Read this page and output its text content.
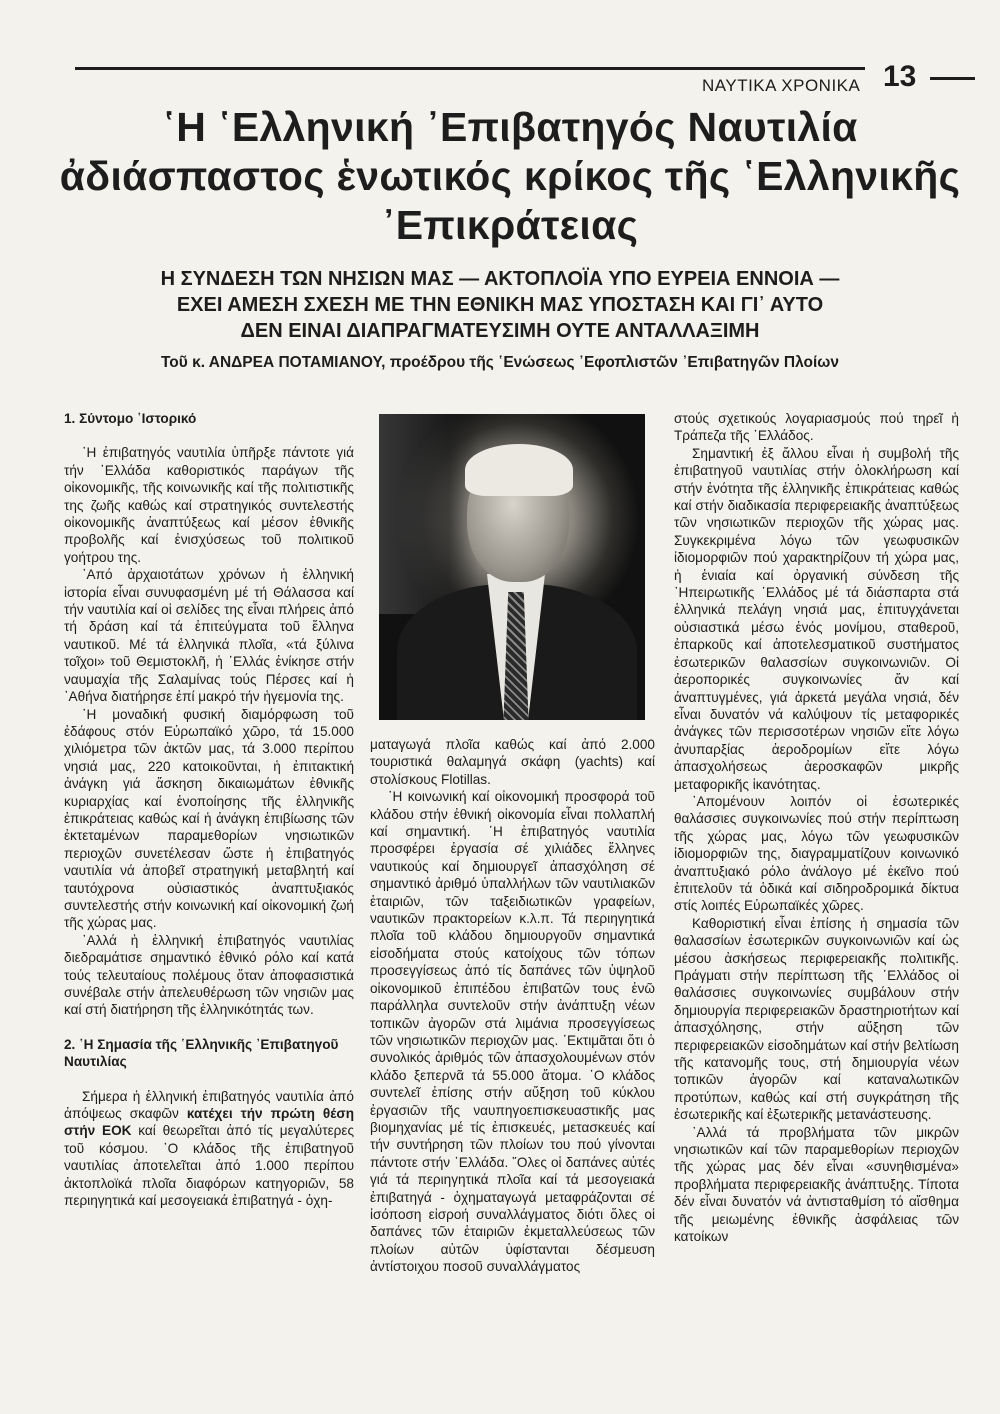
ΝΑΥΤΙΚΑ ΧΡΟΝΙΚΑ 13
῾Η ῾Ελληνική ᾿Επιβατηγός Ναυτιλία
ἀδιάσπαστος ἑνωτικός κρίκος τῆς ῾Ελληνικῆς
᾿Επικράτειας
Η ΣΥΝΔΕΣΗ ΤΩΝ ΝΗΣΙΩΝ ΜΑΣ — ΑΚΤΟΠΛΟΪΑ ΥΠΟ ΕΥΡΕΙΑ ΕΝΝΟΙΑ —
ΕΧΕΙ ΑΜΕΣΗ ΣΧΕΣΗ ΜΕ ΤΗΝ ΕΘΝΙΚΗ ΜΑΣ ΥΠΟΣΤΑΣΗ ΚΑΙ ΓΙ᾿ ΑΥΤΟ
ΔΕΝ ΕΙΝΑΙ ΔΙΑΠΡΑΓΜΑΤΕΥΣΙΜΗ ΟΥΤΕ ΑΝΤΑΛΛΑΞΙΜΗ
Τοῦ κ. ΑΝΔΡΕΑ ΠΟΤΑΜΙΑΝΟΥ, προέδρου τῆς ῾Ενώσεως ᾿Εφοπλιστῶν ᾿Επιβατηγῶν Πλοίων
1. Σύντομο ῾Ιστορικό

῾Η ἐπιβατηγός ναυτιλία ὑπῆρξε πάντοτε γιά τήν ῾Ελλάδα καθοριστικός παράγων τῆς οἰκονομικῆς, τῆς κοινωνικῆς καί τῆς πολιτιστικῆς της ζωῆς καθώς καί στρατηγικός συντελεστής οἰκονομικῆς ἀναπτύξεως καί μέσον ἐθνικῆς προβολῆς καί ἐνισχύσεως τοῦ πολιτικοῦ γοήτρου της.

᾿Από ἀρχαιοτάτων χρόνων ἡ ἑλληνική ἱστορία εἶναι συνυφασμένη μέ τή Θάλασσα καί τήν ναυτιλία καί οἱ σελίδες της εἶναι πλήρεις ἀπό τή δράση καί τά ἐπιτεύγματα τοῦ ἕλληνα ναυτικοῦ. Μέ τά ἑλληνικά πλοῖα, «τά ξύλινα τοῖχοι» τοῦ Θεμιστοκλῆ, ἡ ῾Ελλάς ἐνίκησε στήν ναυμαχία τῆς Σαλαμίνας τούς Πέρσες καί ἡ ᾿Αθήνα διατήρησε ἐπί μακρό τήν ἡγεμονία της.

῾Η μοναδική φυσική διαμόρφωση τοῦ ἐδάφους στόν Εὐρωπαϊκό χῶρο, τά 15.000 χιλιόμετρα τῶν ἀκτῶν μας, τά 3.000 περίπου νησιά μας, 220 κατοικοῦνται, ἡ ἐπιτακτική ἀνάγκη γιά ἄσκηση δικαιωμάτων ἐθνικῆς κυριαρχίας καί ἑνοποίησης τῆς ἑλληνικῆς ἐπικράτειας καθώς καί ἡ ἀνάγκη ἐπιβίωσης τῶν ἐκτεταμένων παραμεθορίων νησιωτικῶν περιοχῶν συνετέλεσαν ὥστε ἡ ἐπιβατηγός ναυτιλία νά ἀποβεῖ στρατηγική μεταβλητή καί ταυτόχρονα οὐσιαστικός ἀναπτυξιακός συντελεστής στήν κοινωνική καί οἰκονομική ζωή τῆς χώρας μας.

᾿Αλλά ἡ ἑλληνική ἐπιβατηγός ναυτιλίας διεδραμάτισε σημαντικό ἐθνικό ρόλο καί κατά τούς τελευταίους πολέμους ὅταν ἀποφασιστικά συνέβαλε στήν ἀπελευθέρωση τῶν νησιῶν μας καί στή διατήρηση τῆς ἑλληνικότητάς των.

2. ῾Η Σημασία τῆς ῾Ελληνικῆς ᾿Επιβατηγοῦ Ναυτιλίας

Σήμερα ἡ ἑλληνική ἐπιβατηγός ναυτιλία ἀπό ἀπόψεως σκαφῶν κατέχει τήν πρώτη θέση στήν ΕΟΚ καί θεωρεῖται ἀπό τίς μεγαλύτερες τοῦ κόσμου. ᾿Ο κλάδος τῆς ἐπιβατηγοῦ ναυτιλίας ἀποτελεῖται ἀπό 1.000 περίπου ἀκτοπλοϊκά πλοῖα διαφόρων κατηγοριῶν, 58 περιηγητικά καί μεσογειακά ἐπιβατηγά - ὀχη-

ματαγωγά πλοῖα καθώς καί ἀπό 2.000 τουριστικά θαλαμηγά σκάφη (yachts) καί στολίσκους Flotillas.

῾Η κοινωνική καί οἰκονομική προσφορά τοῦ κλάδου στήν ἐθνική οἰκονομία εἶναι πολλαπλή καί σημαντική. ῾Η ἐπιβατηγός ναυτιλία προσφέρει ἐργασία σέ χιλιάδες ἕλληνες ναυτικούς καί δημιουργεῖ ἀπασχόληση σέ σημαντικό ἀριθμό ὑπαλλήλων τῶν ναυτιλιακῶν ἑταιριῶν, τῶν ταξειδιωτικῶν γραφείων, ναυτικῶν πρακτορείων κ.λ.π. Τά περιηγητικά πλοῖα τοῦ κλάδου δημιουργοῦν σημαντικά εἰσοδήματα στούς κατοίχους τῶν τόπων προσεγγίσεως ἀπό τίς δαπάνες τῶν ὑψηλοῦ οἰκονομικοῦ ἐπιπέδου ἐπιβατῶν τους ἐνῶ παράλληλα συντελοῦν στήν ἀνάπτυξη νέων τοπικῶν ἀγορῶν στά λιμάνια προσεγγίσεως τῶν νησιωτικῶν περιοχῶν μας. ᾿Εκτιμᾶται ὅτι ὁ συνολικός ἀριθμός τῶν ἀπασχολουμένων στόν κλάδο ξεπερνᾶ τά 55.000 ἄτομα. ᾿Ο κλάδος συντελεῖ ἐπίσης στήν αὔξηση τοῦ κύκλου ἐργασιῶν τῆς ναυπηγοεπισκευαστικῆς μας βιομηχανίας μέ τίς ἐπισκευές, μετασκευές καί τήν συντήρηση τῶν πλοίων του πού γίνονται πάντοτε στήν ῾Ελλάδα. ῞Ολες οἱ δαπάνες αὐτές γιά τά περιηγητικά πλοῖα καί τά μεσογειακά ἐπιβατηγά - ὀχηματαγωγά μεταφράζονται σέ ἰσόποση εἰσροή συναλλάγματος διότι ὅλες οἱ δαπάνες τῶν ἑταιριῶν ἐκμεταλλεύσεως τῶν πλοίων αὐτῶν ὑφίστανται δέσμευση ἀντίστοιχου ποσοῦ συναλλάγματος

στούς σχετικούς λογαριασμούς πού τηρεῖ ἡ Τράπεζα τῆς ῾Ελλάδος.

Σημαντική ἐξ ἄλλου εἶναι ἡ συμβολή τῆς ἐπιβατηγοῦ ναυτιλίας στήν ὁλοκλήρωση καί στήν ἑνότητα τῆς ἑλληνικῆς ἐπικράτειας καθώς καί στήν διαδικασία περιφερειακῆς ἀναπτύξεως τῶν νησιωτικῶν περιοχῶν τῆς χώρας μας. Συγκεκριμένα λόγω τῶν γεωφυσικῶν ἰδιομορφιῶν πού χαρακτηρίζουν τή χώρα μας, ἡ ἑνιαία καί ὀργανική σύνδεση τῆς ᾿Ηπειρωτικῆς ῾Ελλάδος μέ τά διάσπαρτα στά ἑλληνικά πελάγη νησιά μας, ἐπιτυγχάνεται οὐσιαστικά μέσω ἑνός μονίμου, σταθεροῦ, ἐπαρκοῦς καί ἀποτελεσματικοῦ συστήματος ἐσωτερικῶν θαλασσίων συγκοινωνιῶν. Οἱ ἀεροπορικές συγκοινωνίες ἄν καί ἀναπτυγμένες, γιά ἀρκετά μεγάλα νησιά, δέν εἶναι δυνατόν νά καλύψουν τίς μεταφορικές ἀνάγκες τῶν περισσοτέρων νησιῶν εἴτε λόγω ἀνυπαρξίας ἀεροδρομίων εἴτε λόγω ἀπασχολήσεως ἀεροσκαφῶν μικρῆς μεταφορικῆς ἱκανότητας.

᾿Απομένουν λοιπόν οἱ ἐσωτερικές θαλάσσιες συγκοινωνίες πού στήν περίπτωση τῆς χώρας μας, λόγω τῶν γεωφυσικῶν ἰδιομορφιῶν της, διαγραμματίζουν κοινωνικό ἀναπτυξιακό ρόλο ἀνάλογο μέ ἐκεῖνο πού ἐπιτελοῦν τά ὁδικά καί σιδηροδρομικά δίκτυα στίς λοιπές Εὐρωπαϊκές χῶρες.

Καθοριστική εἶναι ἐπίσης ἡ σημασία τῶν θαλασσίων ἐσωτερικῶν συγκοινωνιῶν καί ὡς μέσου ἀσκήσεως περιφερειακῆς πολιτικῆς. Πράγματι στήν περίπτωση τῆς ῾Ελλάδος οἱ θαλάσσιες συγκοινωνίες συμβάλουν στήν δημιουργία περιφερειακῶν δραστηριοτήτων καί ἀπασχόλησης, στήν αὔξηση τῶν περιφερειακῶν εἰσοδημάτων καί στήν βελτίωση τῆς κατανομῆς τους, στή δημιουργία νέων τοπικῶν ἀγορῶν καί καταναλωτικῶν προτύπων, καθώς καί στή συγκράτηση τῆς ἐσωτερικῆς καί ἐξωτερικῆς μετανάστευσης.

᾿Αλλά τά προβλήματα τῶν μικρῶν νησιωτικῶν καί τῶν παραμεθορίων περιοχῶν τῆς χώρας μας δέν εἶναι «συνηθισμένα» προβλήματα περιφερειακῆς ἀνάπτυξης. Τίποτα δέν εἶναι δυνατόν νά ἀντισταθμίση τό αἴσθημα τῆς μειωμένης ἐθνικῆς ἀσφάλειας τῶν κατοίκων
